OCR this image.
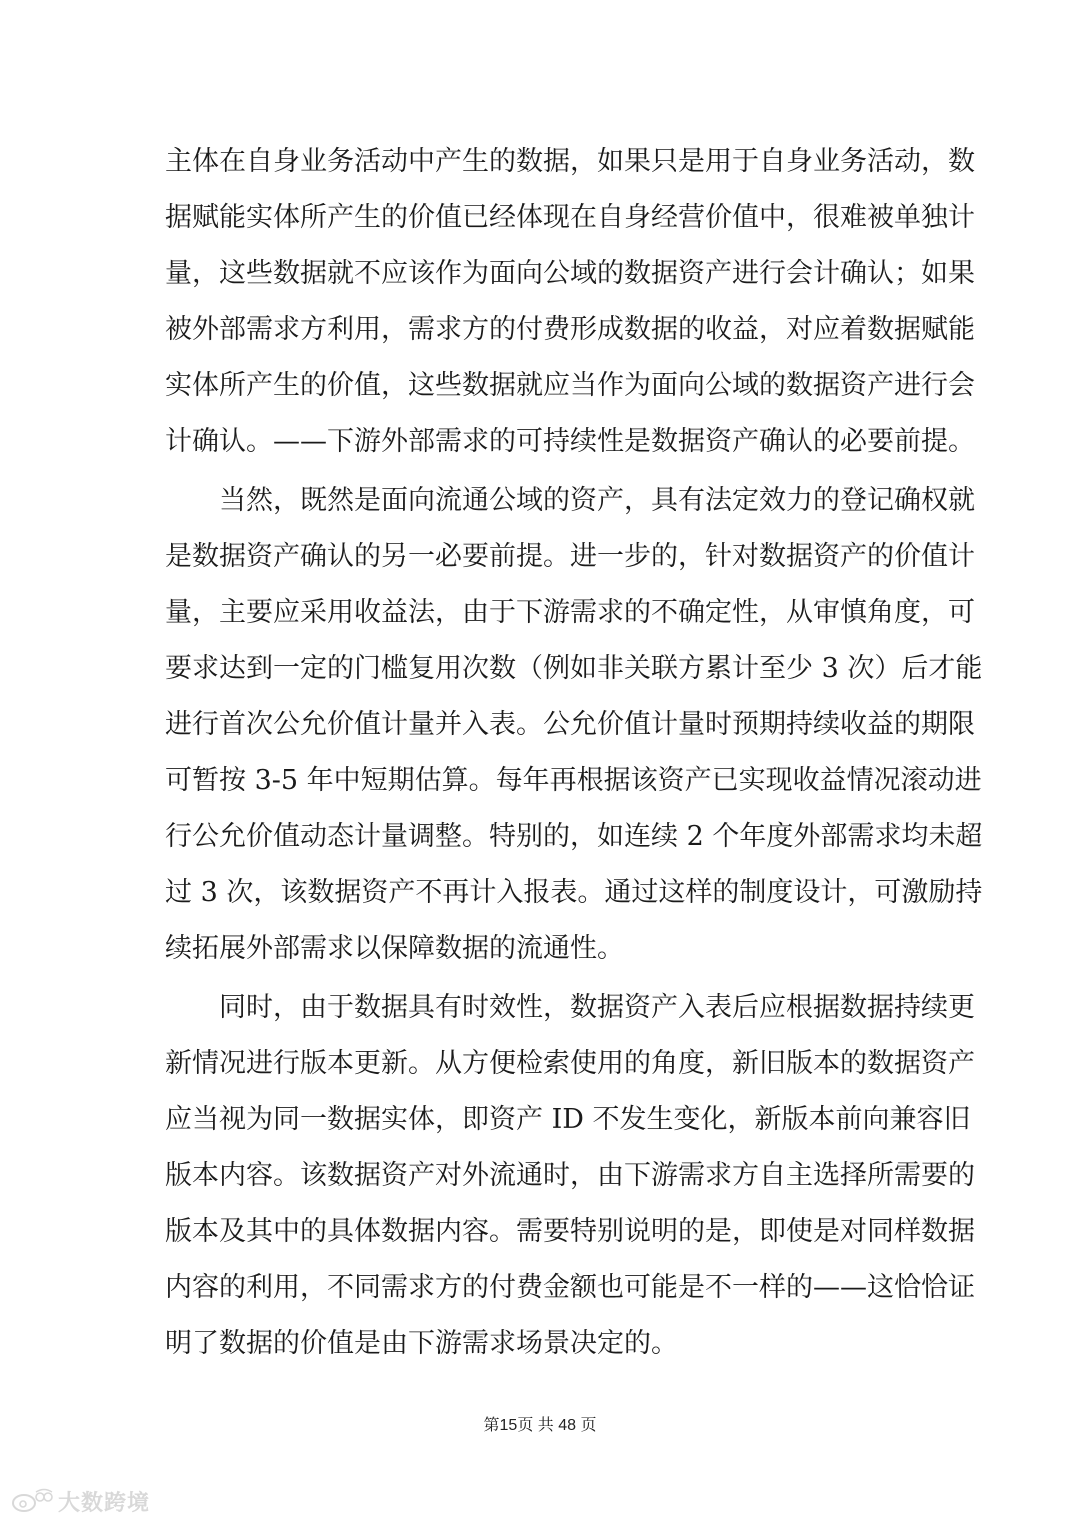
主体在自身业务活动中产生的数据，如果只是用于自身业务活动，数
据赋能实体所产生的价值已经体现在自身经营价值中，很难被单独计
量，这些数据就不应该作为面向公域的数据资产进行会计确认；如果
被外部需求方利用，需求方的付费形成数据的收益，对应着数据赋能
实体所产生的价值，这些数据就应当作为面向公域的数据资产进行会
计确认。——下游外部需求的可持续性是数据资产确认的必要前提。
当然，既然是面向流通公域的资产，具有法定效力的登记确权就
是数据资产确认的另一必要前提。进一步的，针对数据资产的价值计
量，主要应采用收益法，由于下游需求的不确定性，从审慎角度，可
要求达到一定的门槛复用次数（例如非关联方累计至少 3 次）后才能
进行首次公允价值计量并入表。公允价值计量时预期持续收益的期限
可暂按 3-5 年中短期估算。每年再根据该资产已实现收益情况滚动进
行公允价值动态计量调整。特别的，如连续 2 个年度外部需求均未超
过 3 次，该数据资产不再计入报表。通过这样的制度设计，可激励持
续拓展外部需求以保障数据的流通性。
同时，由于数据具有时效性，数据资产入表后应根据数据持续更
新情况进行版本更新。从方便检索使用的角度，新旧版本的数据资产
应当视为同一数据实体，即资产 ID 不发生变化，新版本前向兼容旧
版本内容。该数据资产对外流通时，由下游需求方自主选择所需要的
版本及其中的具体数据内容。需要特别说明的是，即使是对同样数据
内容的利用，不同需求方的付费金额也可能是不一样的——这恰恰证
明了数据的价值是由下游需求场景决定的。
第15页 共 48 页
大数跨境
